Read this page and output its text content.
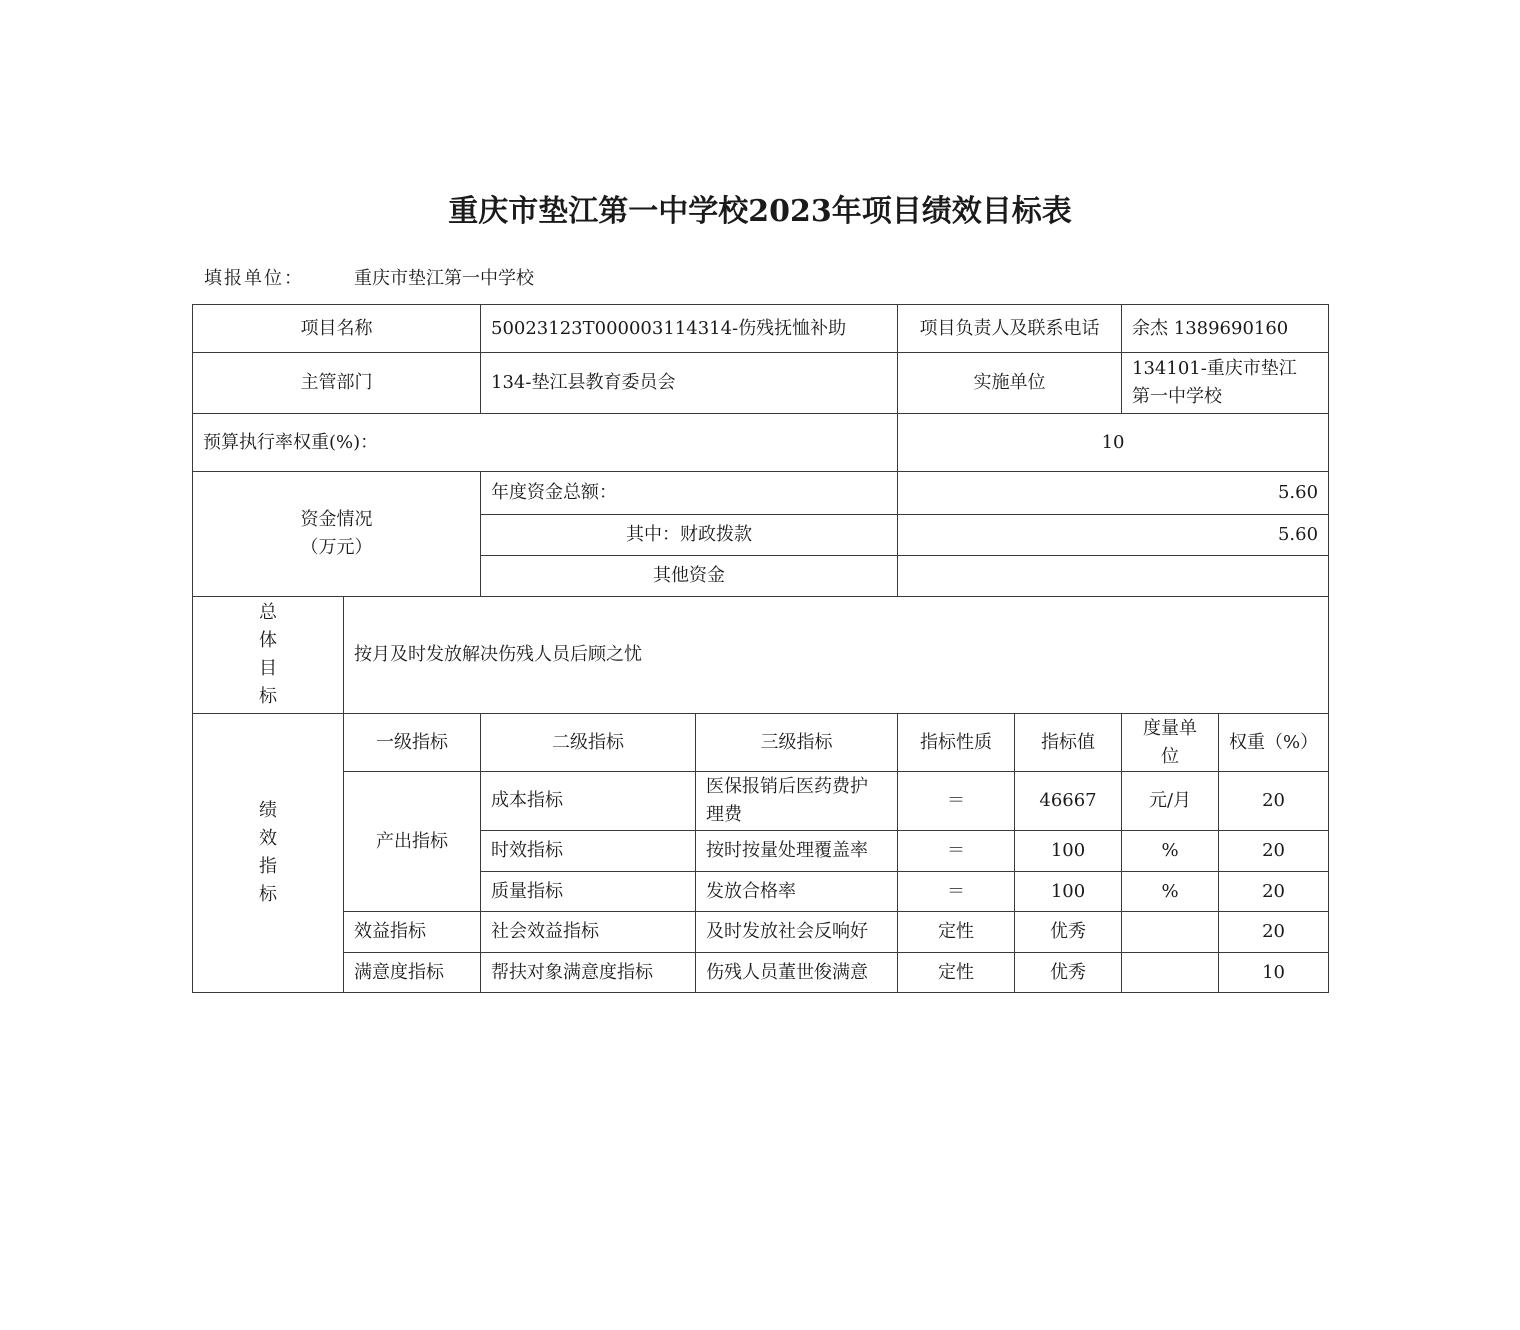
重庆市垫江第一中学校2023年项目绩效目标表
填报单位：	重庆市垫江第一中学校
项目名称		50023123T000003114314-伤残抚恤补助		项目负责人及联系电话		余杰 1389690160	
主管部门		134-垫江县教育委员会		实施单位		134101-重庆市垫江
第一中学校	

预算执行率权重(%)：				10			

资金情况
（万元）		年度资金总额：		5.60			
		其中：财政拨款		5.60			
		其他资金					

总
体
目
标	按月及时发放解决伤残人员后顾之忧						

绩
效
指
标	一级指标	二级指标	三级指标	指标性质	指标值	度量单
位	权重（%）
	产出指标	成本指标	医保报销后医药费护
理费	＝	46667	元/月	20
		时效指标	按时按量处理覆盖率	＝	100	%	20
		质量指标	发放合格率	＝	100	%	20
	效益指标	社会效益指标	及时发放社会反响好	定性	优秀		20
	满意度指标	帮扶对象满意度指标	伤残人员董世俊满意	定性	优秀		10
